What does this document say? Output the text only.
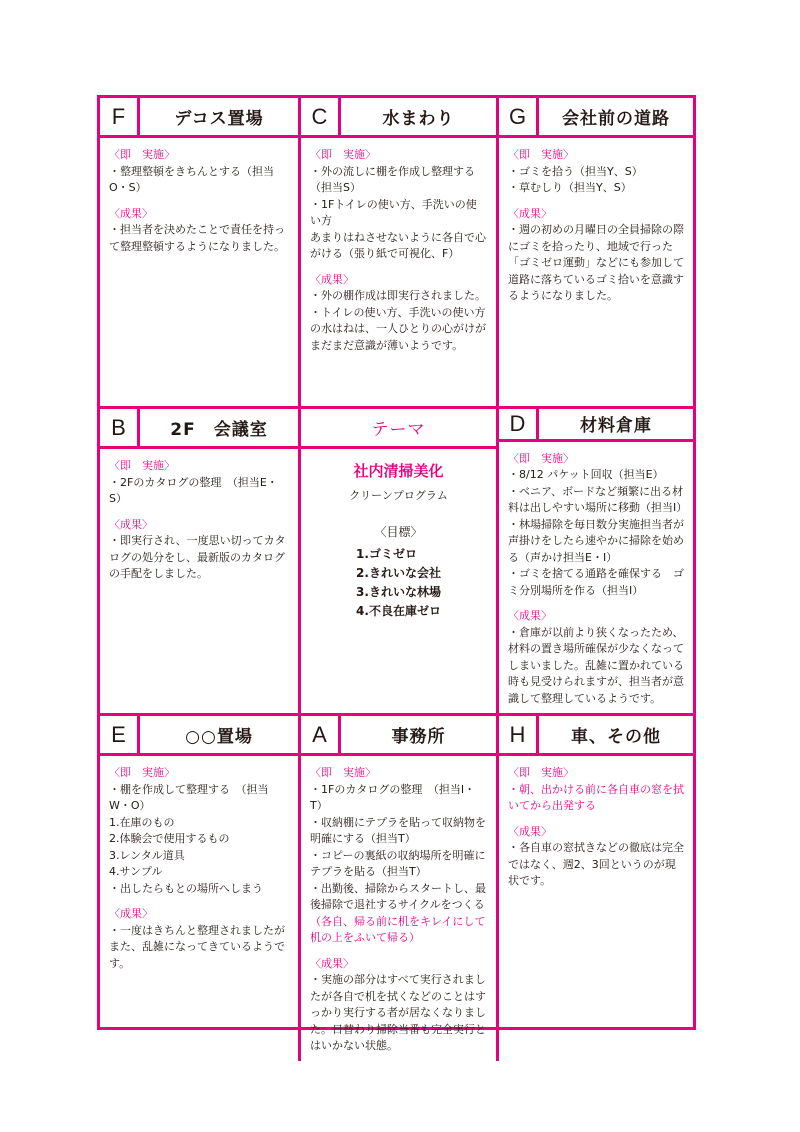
F	デコス置場
〈即　実施〉
・整理整頓をきちんとする（担当O・S）
〈成果〉
・担当者を決めたことで責任を持って整理整頓するようになりました。
C	水まわり
〈即　実施〉
・外の流しに棚を作成し整理する（担当S）
・1Fトイレの使い方、手洗いの使い方
あまりはねさせないように各自で心がける（張り紙で可視化、F）
〈成果〉
・外の棚作成は即実行されました。
・トイレの使い方、手洗いの使い方の水はねは、一人ひとりの心がけがまだまだ意識が薄いようです。
G	会社前の道路
〈即　実施〉
・ゴミを拾う（担当Y、S）
・草むしり（担当Y、S）
〈成果〉
・週の初めの月曜日の全員掃除の際にゴミを拾ったり、地域で行った「ゴミゼロ運動」などにも参加して道路に落ちているゴミ拾いを意識するようになりました。
B	2F　会議室
〈即　実施〉
・2Fのカタログの整理　（担当E・S）
〈成果〉
・即実行され、一度思い切ってカタログの処分をし、最新版のカタログの手配をしました。
テーマ
社内清掃美化
クリーンプログラム
〈目標〉
1.ゴミゼロ
2.きれいな会社
3.きれいな林場
4.不良在庫ゼロ
D	材料倉庫
〈即　実施〉
・8/12 パケット回収（担当E）
・ベニア、ボードなど頻繁に出る材料は出しやすい場所に移動（担当I）
・林場掃除を毎日数分実施担当者が声掛けをしたら速やかに掃除を始める（声かけ担当E・I）
・ゴミを捨てる通路を確保する　ゴミ分別場所を作る（担当I）
〈成果〉
・倉庫が以前より狭くなったため、材料の置き場所確保が少なくなってしまいました。乱雑に置かれている時も見受けられますが、担当者が意識して整理しているようです。
E	○○置場
〈即　実施〉
・棚を作成して整理する　（担当W・O）
1.在庫のもの
2.体験会で使用するもの
3.レンタル道具
4.サンプル
・出したらもとの場所へしまう
〈成果〉
・一度はきちんと整理されましたがまた、乱雑になってきているようです。
A	事務所
〈即　実施〉
・1Fのカタログの整理　（担当I・T）
・収納棚にテプラを貼って収納物を明確にする（担当T）
・コピーの裏紙の収納場所を明確にテプラを貼る（担当T）
・出勤後、掃除からスタートし、最後掃除で退社するサイクルをつくる
（各自、帰る前に机をキレイにして机の上をふいて帰る）
〈成果〉
・実施の部分はすべて実行されましたが各自で机を拭くなどのことはすっかり実行する者が居なくなりました。日替わり掃除当番も完全実行とはいかない状態。
H	車、その他
〈即　実施〉
・朝、出かける前に各自車の窓を拭いてから出発する
〈成果〉
・各自車の窓拭きなどの徹底は完全ではなく、週2、3回というのが現状です。
